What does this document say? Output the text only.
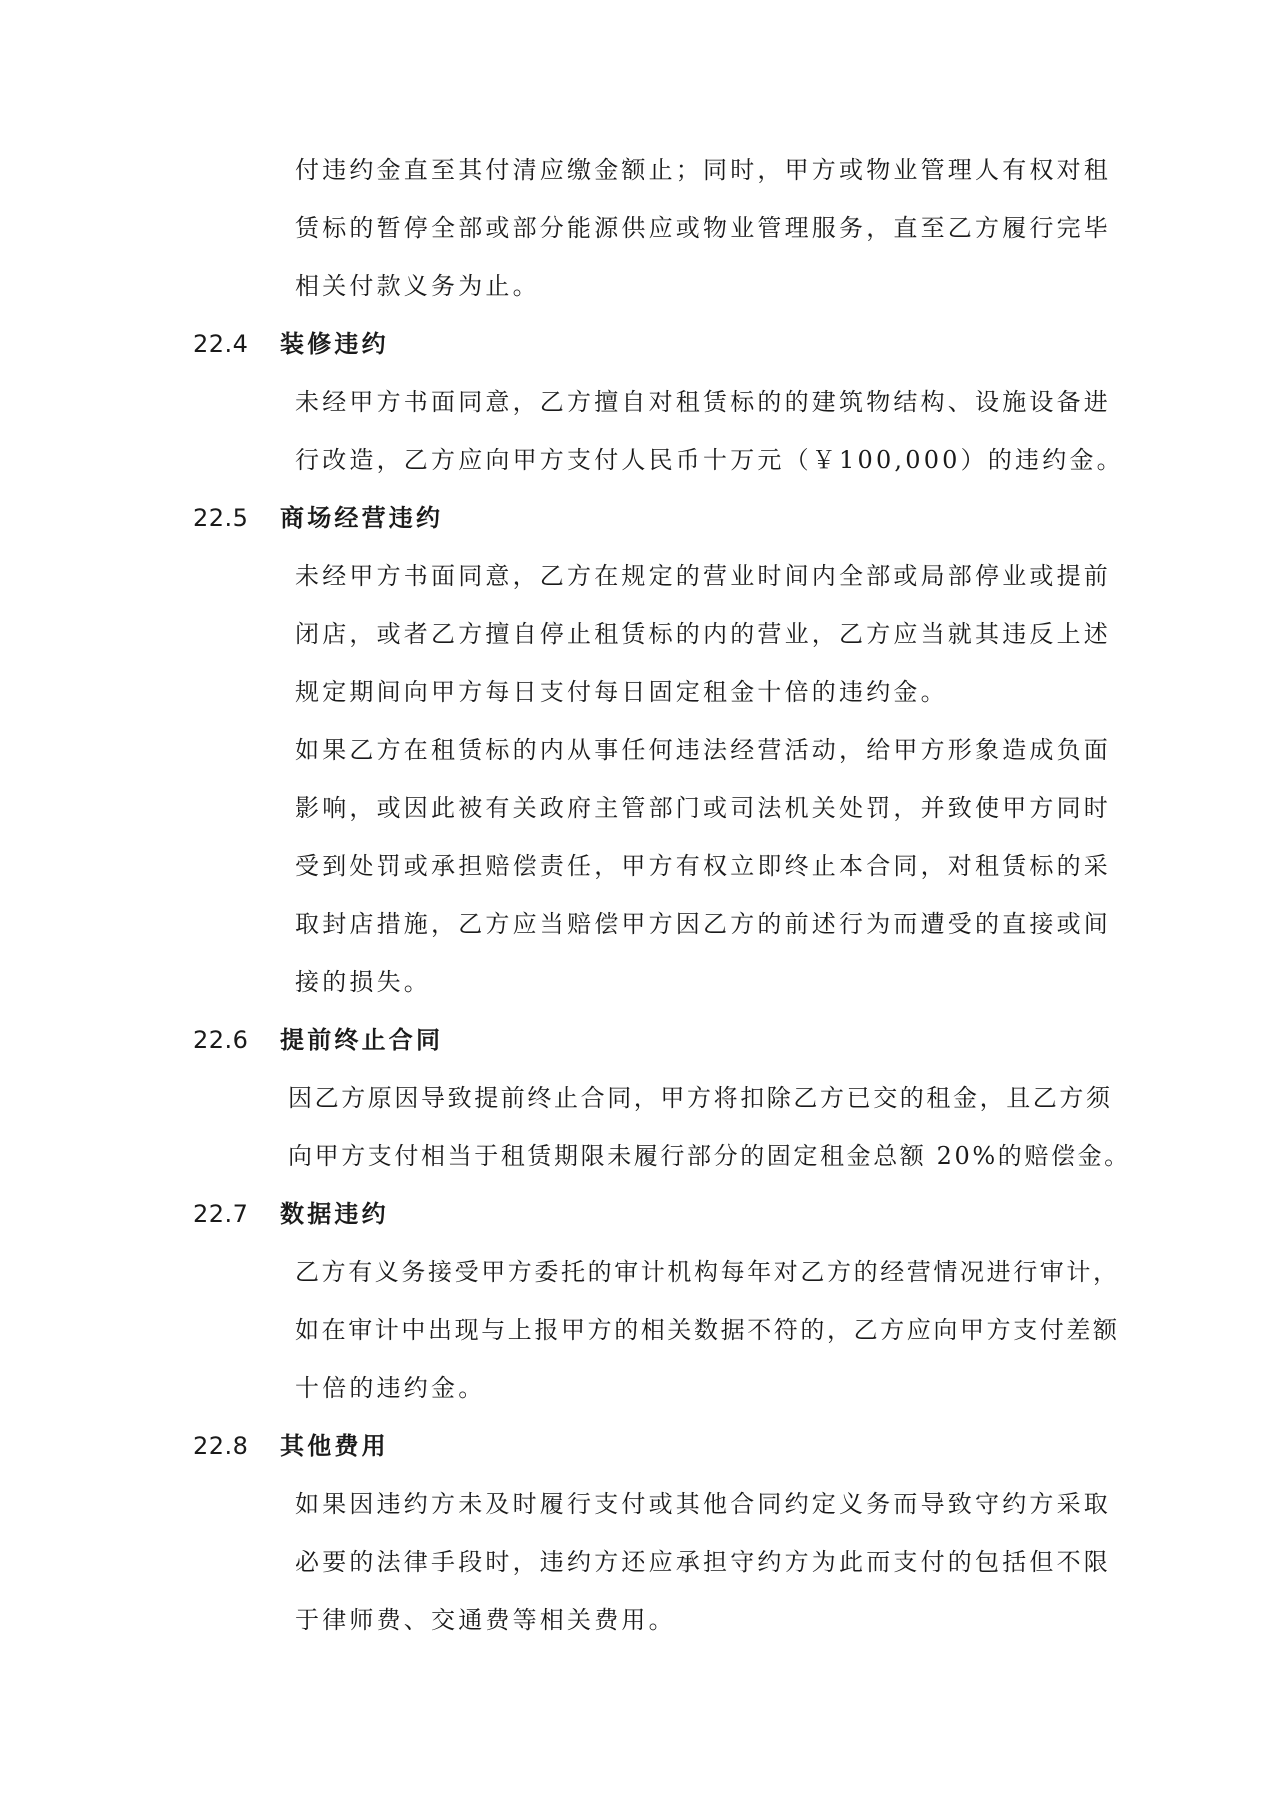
付违约金直至其付清应缴金额止；同时，甲方或物业管理人有权对租
赁标的暂停全部或部分能源供应或物业管理服务，直至乙方履行完毕
相关付款义务为止。
22.4 装修违约
未经甲方书面同意，乙方擅自对租赁标的的建筑物结构、设施设备进
行改造，乙方应向甲方支付人民币十万元（￥100,000）的违约金。
22.5 商场经营违约
未经甲方书面同意，乙方在规定的营业时间内全部或局部停业或提前
闭店，或者乙方擅自停止租赁标的内的营业，乙方应当就其违反上述
规定期间向甲方每日支付每日固定租金十倍的违约金。
如果乙方在租赁标的内从事任何违法经营活动，给甲方形象造成负面
影响，或因此被有关政府主管部门或司法机关处罚，并致使甲方同时
受到处罚或承担赔偿责任，甲方有权立即终止本合同，对租赁标的采
取封店措施，乙方应当赔偿甲方因乙方的前述行为而遭受的直接或间
接的损失。
22.6 提前终止合同
因乙方原因导致提前终止合同，甲方将扣除乙方已交的租金，且乙方须
向甲方支付相当于租赁期限未履行部分的固定租金总额 20%的赔偿金。
22.7 数据违约
乙方有义务接受甲方委托的审计机构每年对乙方的经营情况进行审计，
如在审计中出现与上报甲方的相关数据不符的，乙方应向甲方支付差额
十倍的违约金。
22.8 其他费用
如果因违约方未及时履行支付或其他合同约定义务而导致守约方采取
必要的法律手段时，违约方还应承担守约方为此而支付的包括但不限
于律师费、交通费等相关费用。
